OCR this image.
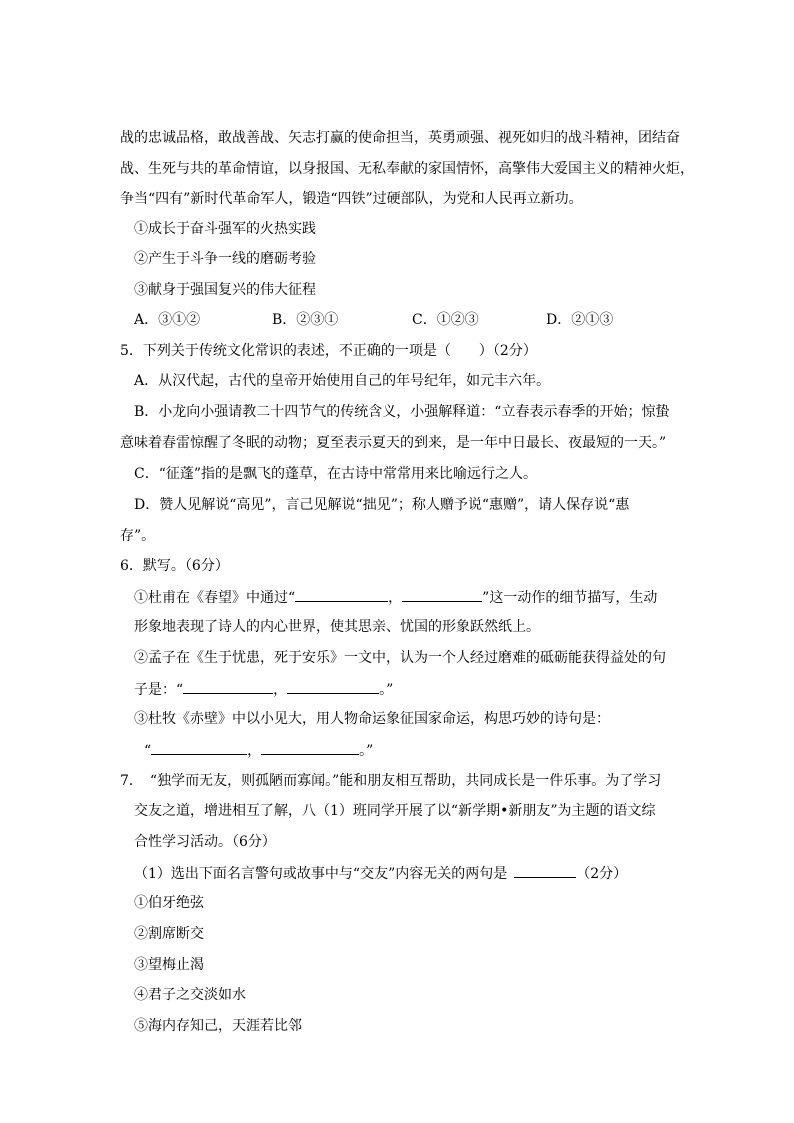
战的忠诚品格，敢战善战、矢志打赢的使命担当，英勇顽强、视死如归的战斗精神，团结奋
战、生死与共的革命情谊，以身报国、无私奉献的家国情怀，高擎伟大爱国主义的精神火炬，
争当“四有”新时代革命军人，锻造“四铁”过硬部队，为党和人民再立新功。
①成长于奋斗强军的火热实践
②产生于斗争一线的磨砺考验
③献身于强国复兴的伟大征程
A．③①②	B．②③①	C．①②③	D．②①③
5．下列关于传统文化常识的表述，不正确的一项是（　　）（2分）
A．从汉代起，古代的皇帝开始使用自己的年号纪年，如元丰六年。
B．小龙向小强请教二十四节气的传统含义，小强解释道：“立春表示春季的开始；惊蛰
意味着春雷惊醒了冬眠的动物；夏至表示夏天的到来，是一年中日最长、夜最短的一天。”
C．“征蓬”指的是飘飞的蓬草，在古诗中常常用来比喻远行之人。
D．赞人见解说“高见”，言己见解说“拙见”；称人赠予说“惠赠”，请人保存说“惠
存”。
6．默写。（6分）
①杜甫在《春望》中通过“	，	”这一动作的细节描写，生动
形象地表现了诗人的内心世界，使其思亲、忧国的形象跃然纸上。
②孟子在《生于忧患，死于安乐》一文中，认为一个人经过磨难的砥砺能获得益处的句
子是：“	，	。”
③杜牧《赤壁》中以小见大，用人物命运象征国家命运，构思巧妙的诗句是：
“	，	。”
7．　“独学而无友，则孤陋而寡闻。”能和朋友相互帮助，共同成长是一件乐事。为了学习
交友之道，增进相互了解，八（1）班同学开展了以“新学期•新朋友”为主题的语文综
合性学习活动。（6分）
（1）选出下面名言警句或故事中与“交友”内容无关的两句是 	（2分）
①伯牙绝弦
②割席断交
③望梅止渴
④君子之交淡如水
⑤海内存知己，天涯若比邻
